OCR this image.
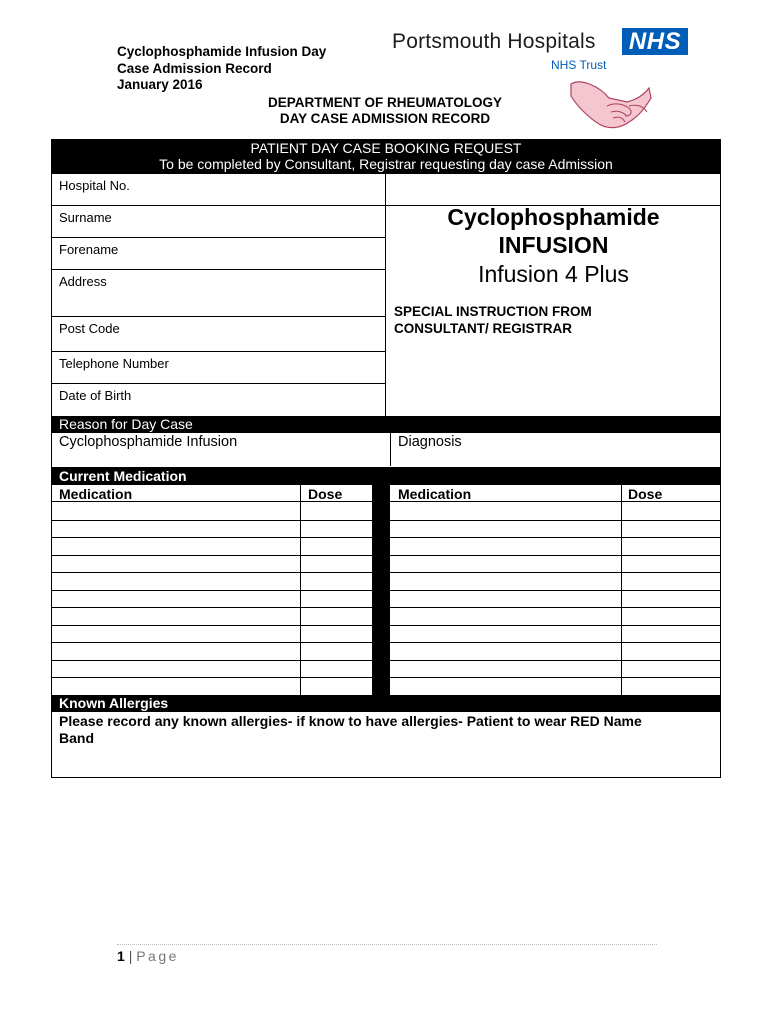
Cyclophosphamide Infusion Day
Case Admission Record
January 2016
Portsmouth Hospitals NHS
NHS Trust
DEPARTMENT OF RHEUMATOLOGY
DAY CASE ADMISSION RECORD
PATIENT DAY CASE BOOKING REQUEST
To be completed by Consultant, Registrar requesting day case Admission
Hospital No.
Surname
Forename
Address
Post Code
Telephone Number
Date of Birth
Cyclophosphamide
INFUSION
Infusion 4 Plus
SPECIAL INSTRUCTION FROM
CONSULTANT/ REGISTRAR
Reason for Day Case
Cyclophosphamide Infusion	Diagnosis
Current Medication
Medication	Dose	Medication	Dose
Known Allergies
Please record any known allergies- if know to have allergies- Patient to wear RED Name
Band
1 | Page
